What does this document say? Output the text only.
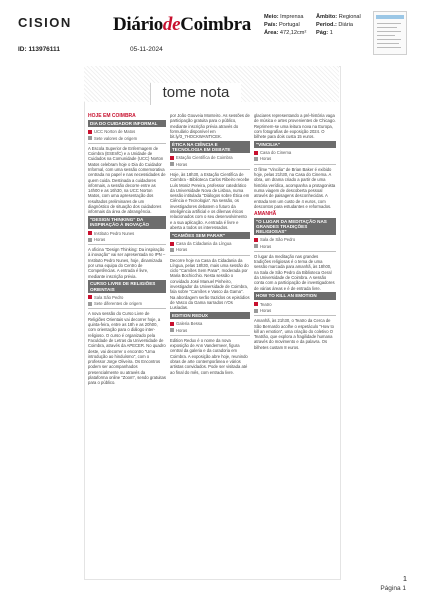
CISION
ID: 113976111	05-11-2024
DiáriodeCoimbra Meio: Imprensa
País: Portugal
Área: 472,12cm²
Âmbito: Regional
Period.: Diária
Pág: 1
tome nota
HOJE EM COIMBRA
DIA DO CUIDADOR INFORMAL
UCC Norton de Matos
Sete valores de origem

A Escola Superior de Enfermagem de Coimbra (ESEnfC) e a Unidade de Cuidados na Comunidade (UCC) Norton Matos celebram hoje o Dia do Cuidador Informal, com uma sessão comemorativa centrada no papel e nas necessidades de quem cuida. Destinada a cuidadores informais, a sessão decorre entre as 14h00 e as 16h30, na UCC Norton Matos, com uma apresentação dos resultados preliminares de um diagnóstico de situação dos cuidadores informais da área de abrangência.

"DESIGN THINKING" DA INSPIRAÇÃO À INOVAÇÃO
Instituto Pedro Nunes
Horas

A oficina "Design Thinking: Da inspiração à inovação" vai ser apresentada no IPN – Instituto Pedro Nunes, hoje, dinamizada por uma equipa do Centro de Competências. A entrada é livre, mediante inscrição prévia.

CURSO LIVRE DE RELIGIÕES ORIENTAIS
Sala São Pedro
Sete diferentes de origem

A nova sessão do Curso Livre de Religiões Orientais vai decorrer hoje, a quinta-feira, entre as 18h e as 20h00, com orientação para o diálogo inter-religioso. O curso é organizado pela Faculdade de Letras da Universidade de Coimbra, através da APECER. No quadro deste, vai decorrer o encontro "Uma introdução ao hinduísmo", com o professor Jorge Oliveira. Os Encontros podem ser acompanhados presencialmente ou através da plataforma online "Zoom", sendo gratuitas para o público.

por João Gouveia Monteiro. As sessões de participação gratuita para o público, mediante inscrição prévia através do formulário disponível em bit.ly/3_7HOCKWANTICEK.

ÉTICA NA CIÊNCIA E TECNOLOGIA EM DEBATE
Estação Científica de Coimbra
Horas

Hoje, às 18h30, a Estação Científica de Coimbra - Biblioteca Carlos Ribeiro recebe Luís Moniz Pereira, professor catedrático da Universidade Nova de Lisboa, numa sessão intitulada "Diálogos sobre Ética em Ciência e Tecnologia". Na sessão, os investigadores debatem o futuro da inteligência artificial e os dilemas éticos relacionados com o seu desenvolvimento e a sua aplicação. A entrada é livre e aberta a todos os interessados.

"CAMÕES SEM PARAR"
Casa da Cidadania da Língua
Horas

Decorre hoje na Casa da Cidadania da Língua, pelas 18h30, mais uma sessão do ciclo "Camões Sem Parar", moderada por Maria Bochicchio. Nesta sessão o convidado José Manuel Pinheiro, investigador da Universidade de Coimbra, fala sobre "Camões e Vasco da Gama". Na abordagem serão trazidos os episódios de Vasco da Gama narrados n'Os Lusíadas.

EDITION REDUX
Galeria Bessa
Horas

Edition Redux é o nome da nova exposição de Ann Vandermeer, figura central da galeria e da curadoria em Coimbra. A exposição abre hoje, reunindo obras de arte contemporânea e vários artistas convidados. Pode ser visitada até ao final do mês, com entrada livre.

glaciares representando a pré-história vaga de música e artes provenientes de Chicago. Reprimem-se uma leitura nova na Europa, com fotografias de exposição 2024. O bilhete para dois custa 15 euros.

"VINCILIA"
Casa do Cinema
Horas

O filme "Vincilia" de Brian Baker é exibido hoje, pelas 21h30, na Casa do Cinema. A obra, um drama criado a partir de uma história verídica, acompanha a protagonista numa viagem de descoberta pessoal através de paisagens desconhecidas. A entrada tem um custo de 4 euros, com descontos para estudantes e reformados.

AMANHÃ
"O LUGAR DA MEDITAÇÃO NAS GRANDES TRADIÇÕES RELIGIOSAS"
Sala de São Pedro
Horas

O lugar da meditação nas grandes tradições religiosas é o tema de uma sessão marcada para amanhã, às 18h00, na Sala de São Pedro da Biblioteca Geral da Universidade de Coimbra. A sessão conta com a participação de investigadores de várias áreas e é de entrada livre.

HOW TO KILL AN EMOTION
Teatro
Horas

Amanhã, às 21h30, o Teatro da Cerca de São Bernardo acolhe o espetáculo "How to kill an emotion", uma criação do coletivo O Teatrão, que explora a fragilidade humana através do movimento e da palavra. Os bilhetes custam 8 euros.

1
Página 1
